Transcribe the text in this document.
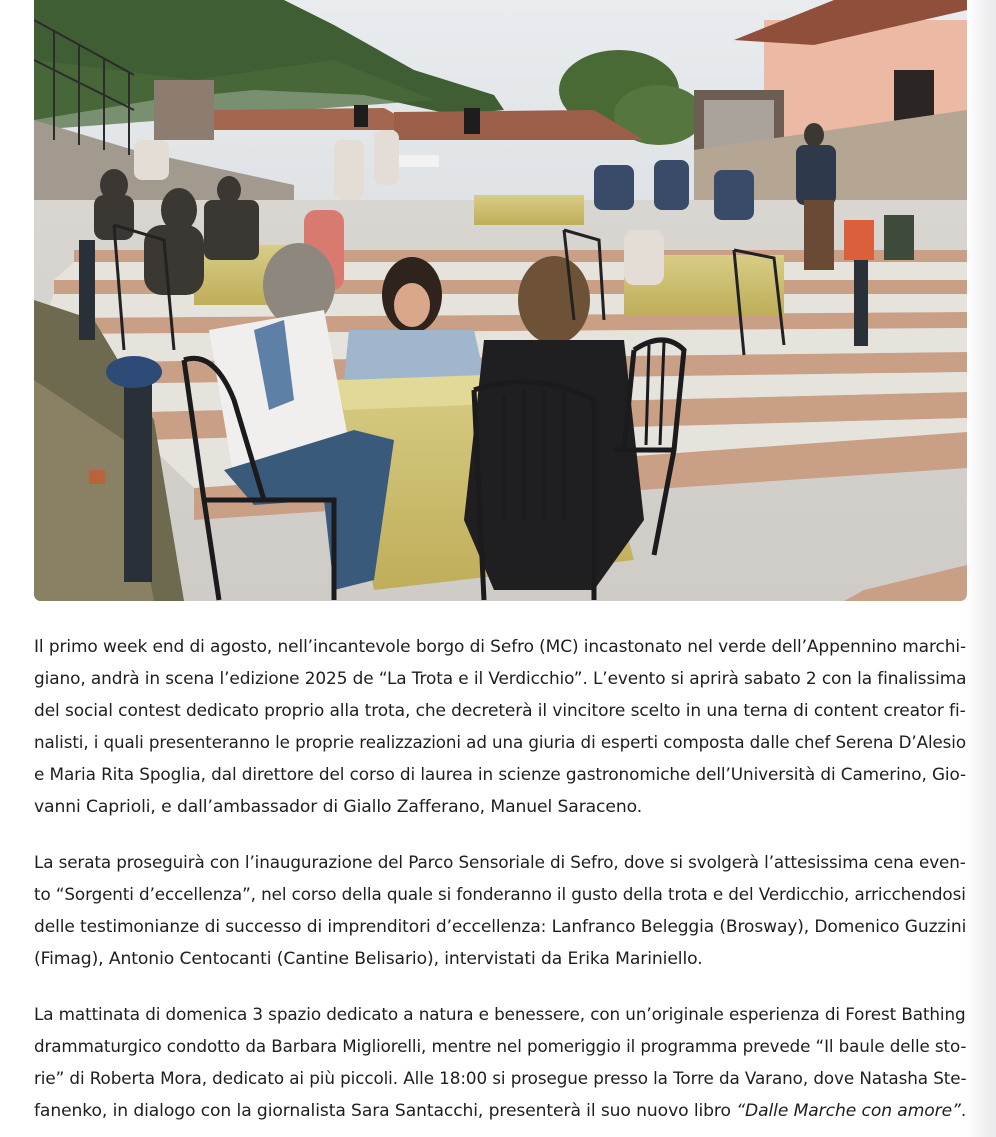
Il primo week end di agosto, nell’incantevole borgo di Sefro (MC) incastonato nel verde dell’Appennino marchi-
giano, andrà in scena l’edizione 2025 de “La Trota e il Verdicchio”. L’evento si aprirà sabato 2 con la finalissima
del social contest dedicato proprio alla trota, che decreterà il vincitore scelto in una terna di content creator fi-
nalisti, i quali presenteranno le proprie realizzazioni ad una giuria di esperti composta dalle chef Serena D’Alesio
e Maria Rita Spoglia, dal direttore del corso di laurea in scienze gastronomiche dell’Università di Camerino, Gio-
vanni Caprioli, e dall’ambassador di Giallo Zafferano, Manuel Saraceno.

La serata proseguirà con l’inaugurazione del Parco Sensoriale di Sefro, dove si svolgerà l’attesissima cena even-
to “Sorgenti d’eccellenza”, nel corso della quale si fonderanno il gusto della trota e del Verdicchio, arricchendosi
delle testimonianze di successo di imprenditori d’eccellenza: Lanfranco Beleggia (Brosway), Domenico Guzzini
(Fimag), Antonio Centocanti (Cantine Belisario), intervistati da Erika Mariniello.

La mattinata di domenica 3 spazio dedicato a natura e benessere, con un’originale esperienza di Forest Bathing
drammaturgico condotto da Barbara Migliorelli, mentre nel pomeriggio il programma prevede “Il baule delle sto-
rie” di Roberta Mora, dedicato ai più piccoli. Alle 18:00 si prosegue presso la Torre da Varano, dove Natasha Ste-
fanenko, in dialogo con la giornalista Sara Santacchi, presenterà il suo nuovo libro “Dalle Marche con amore”.
